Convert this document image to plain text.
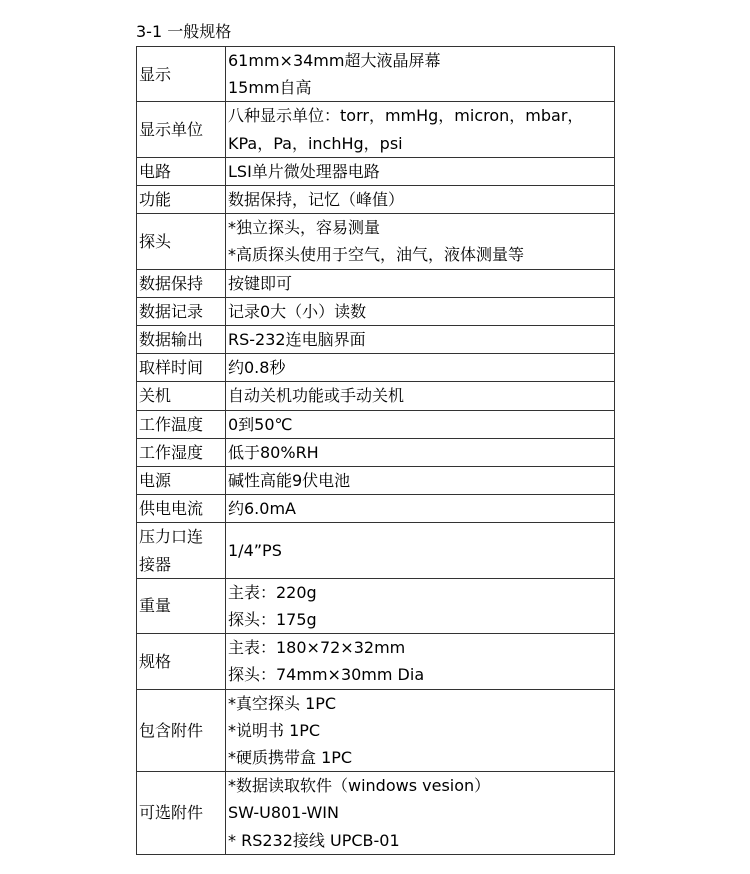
3-1 一般规格
显示	61mm×34mm超大液晶屏幕
15mm自高

显示单位	八种显示单位：torr，mmHg，micron，mbar，
KPa，Pa，inchHg，psi

电路	LSI单片微处理器电路

功能	数据保持，记忆（峰值）

探头	*独立探头，容易测量
*高质探头使用于空气，油气，液体测量等

数据保持	按键即可

数据记录	记录0大（小）读数

数据输出	RS-232连电脑界面

取样时间	约0.8秒

关机	自动关机功能或手动关机

工作温度	0到50℃

工作湿度	低于80%RH

电源	碱性高能9伏电池

供电电流	约6.0mA

压力口连
接器	1/4”PS

重量	主表：220g
探头：175g

规格	主表：180×72×32mm
探头：74mm×30mm Dia

包含附件	*真空探头 1PC
*说明书 1PC
*硬质携带盒 1PC

可选附件	*数据读取软件（windows vesion）
SW-U801-WIN
* RS232接线 UPCB-01
